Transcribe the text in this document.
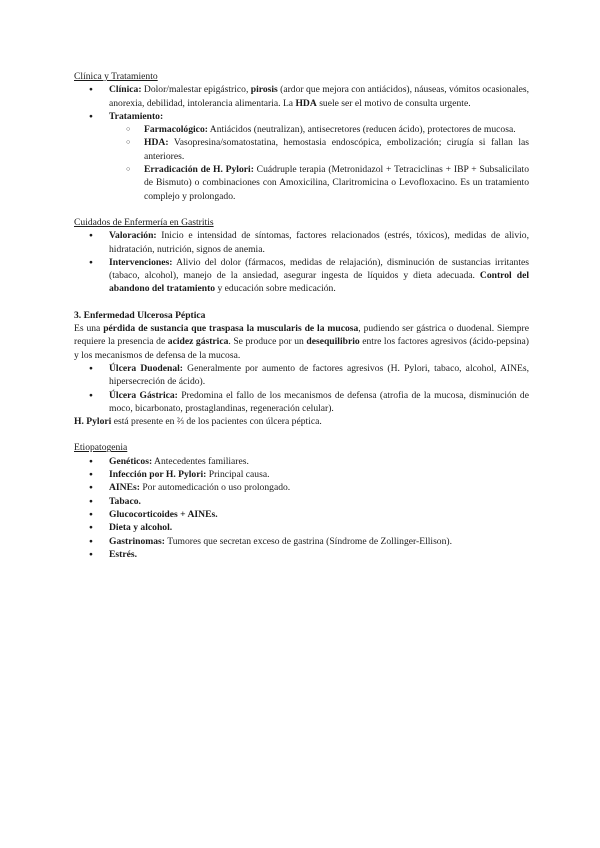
Clínica y Tratamiento

● Clínica: Dolor/malestar epigástrico, pirosis (ardor que mejora con antiácidos), náuseas, vómitos ocasionales, anorexia, debilidad, intolerancia alimentaria. La HDA suele ser el motivo de consulta urgente.
● Tratamiento:
○ Farmacológico: Antiácidos (neutralizan), antisecretores (reducen ácido), protectores de mucosa.
○ HDA: Vasopresina/somatostatina, hemostasia endoscópica, embolización; cirugía si fallan las anteriores.
○ Erradicación de H. Pylori: Cuádruple terapia (Metronidazol + Tetraciclinas + IBP + Subsalicilato de Bismuto) o combinaciones con Amoxicilina, Claritromicina o Levofloxacino. Es un tratamiento complejo y prolongado.

Cuidados de Enfermería en Gastritis

● Valoración: Inicio e intensidad de síntomas, factores relacionados (estrés, tóxicos), medidas de alivio, hidratación, nutrición, signos de anemia.
● Intervenciones: Alivio del dolor (fármacos, medidas de relajación), disminución de sustancias irritantes (tabaco, alcohol), manejo de la ansiedad, asegurar ingesta de líquidos y dieta adecuada. Control del abandono del tratamiento y educación sobre medicación.

3. Enfermedad Ulcerosa Péptica

Es una pérdida de sustancia que traspasa la muscularis de la mucosa, pudiendo ser gástrica o duodenal. Siempre requiere la presencia de acidez gástrica. Se produce por un desequilibrio entre los factores agresivos (ácido-pepsina) y los mecanismos de defensa de la mucosa.

● Úlcera Duodenal: Generalmente por aumento de factores agresivos (H. Pylori, tabaco, alcohol, AINEs, hipersecreción de ácido).
● Úlcera Gástrica: Predomina el fallo de los mecanismos de defensa (atrofia de la mucosa, disminución de moco, bicarbonato, prostaglandinas, regeneración celular).

H. Pylori está presente en ⅔ de los pacientes con úlcera péptica.

Etiopatogenia

● Genéticos: Antecedentes familiares.
● Infección por H. Pylori: Principal causa.
● AINEs: Por automedicación o uso prolongado.
● Tabaco.
● Glucocorticoides + AINEs.
● Dieta y alcohol.
● Gastrinomas: Tumores que secretan exceso de gastrina (Síndrome de Zollinger-Ellison).
● Estrés.
